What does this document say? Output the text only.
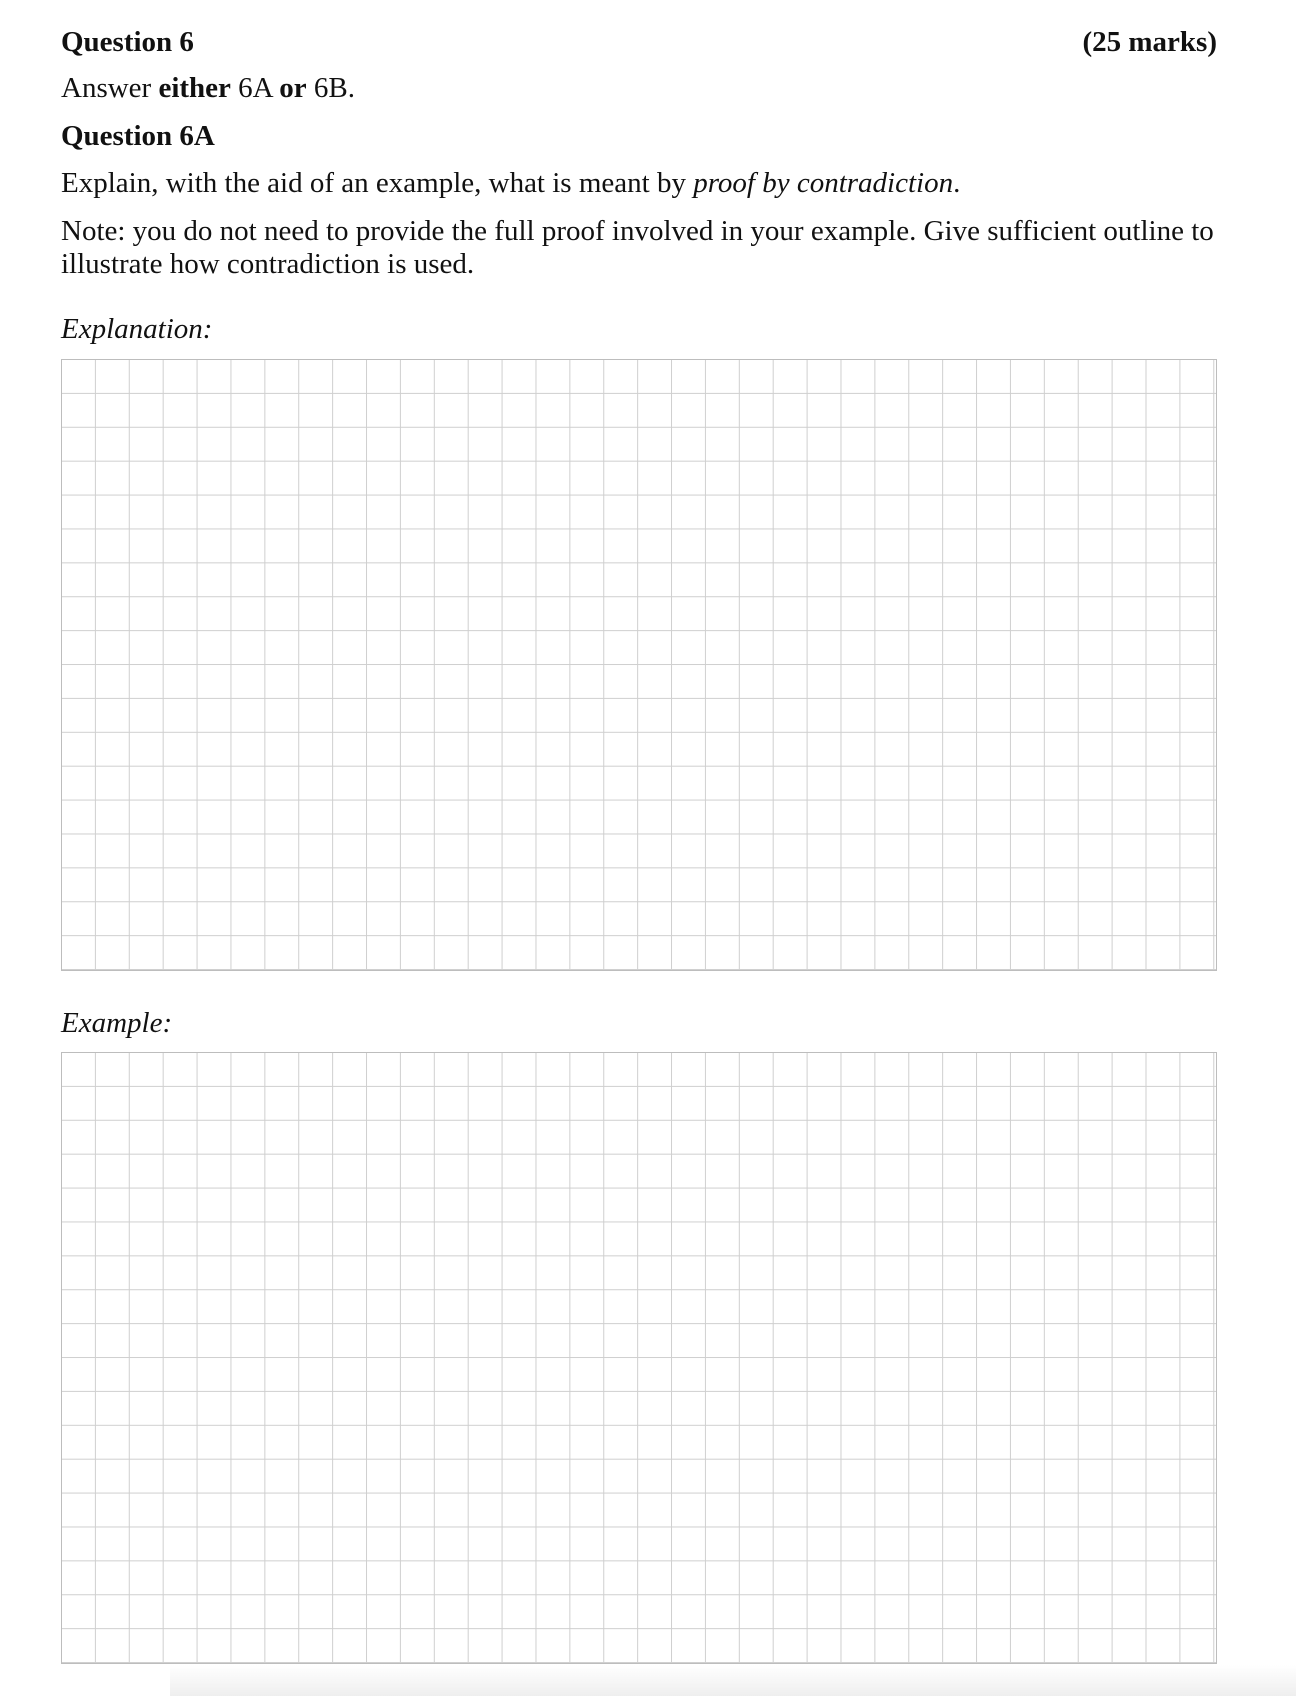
Question 6	(25 marks)
Answer either 6A or 6B.
Question 6A
Explain, with the aid of an example, what is meant by proof by contradiction.
Note: you do not need to provide the full proof involved in your example. Give sufficient outline to illustrate how contradiction is used.
Explanation:
Example:
